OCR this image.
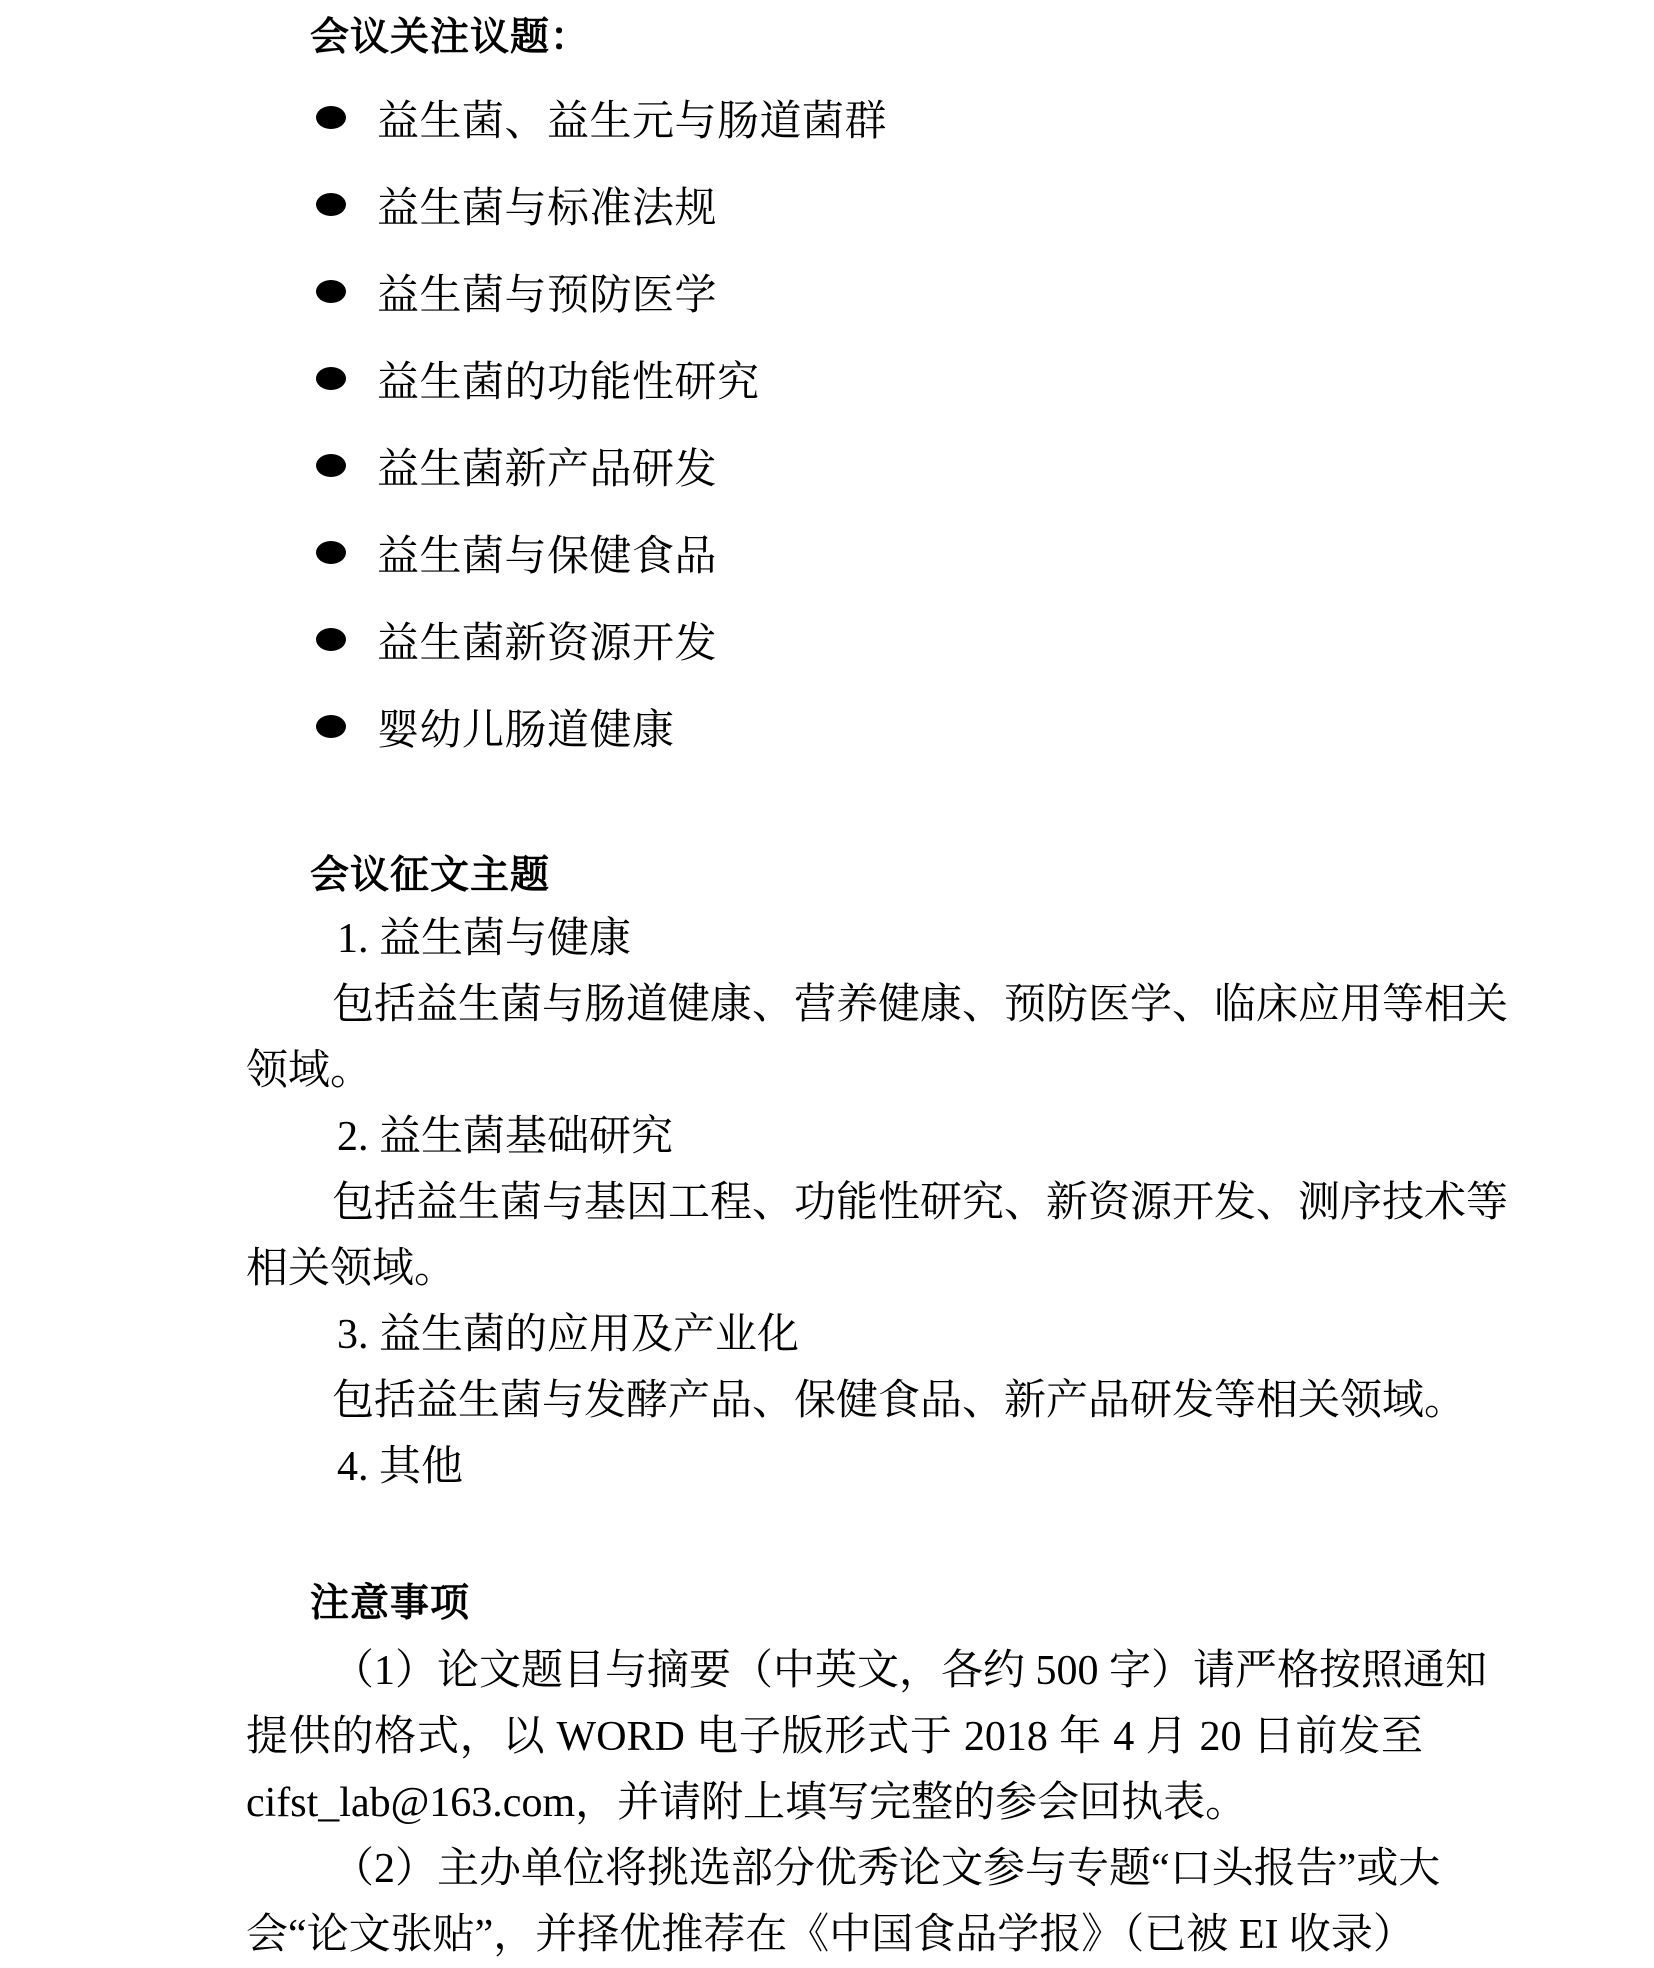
会议关注议题：
益生菌、益生元与肠道菌群
益生菌与标准法规
益生菌与预防医学
益生菌的功能性研究
益生菌新产品研发
益生菌与保健食品
益生菌新资源开发
婴幼儿肠道健康
会议征文主题
1. 益生菌与健康
包括益生菌与肠道健康、营养健康、预防医学、临床应用等相关
领域。
2. 益生菌基础研究
包括益生菌与基因工程、功能性研究、新资源开发、测序技术等
相关领域。
3. 益生菌的应用及产业化
包括益生菌与发酵产品、保健食品、新产品研发等相关领域。
4. 其他
注意事项
（1）论文题目与摘要（中英文，各约 500 字）请严格按照通知
提供的格式，以 WORD 电子版形式于 2018 年 4 月 20 日前发至
cifst_lab@163.com，并请附上填写完整的参会回执表。
（2）主办单位将挑选部分优秀论文参与专题“口头报告”或大
会“论文张贴”，并择优推荐在《中国食品学报》（已被 EI 收录）
